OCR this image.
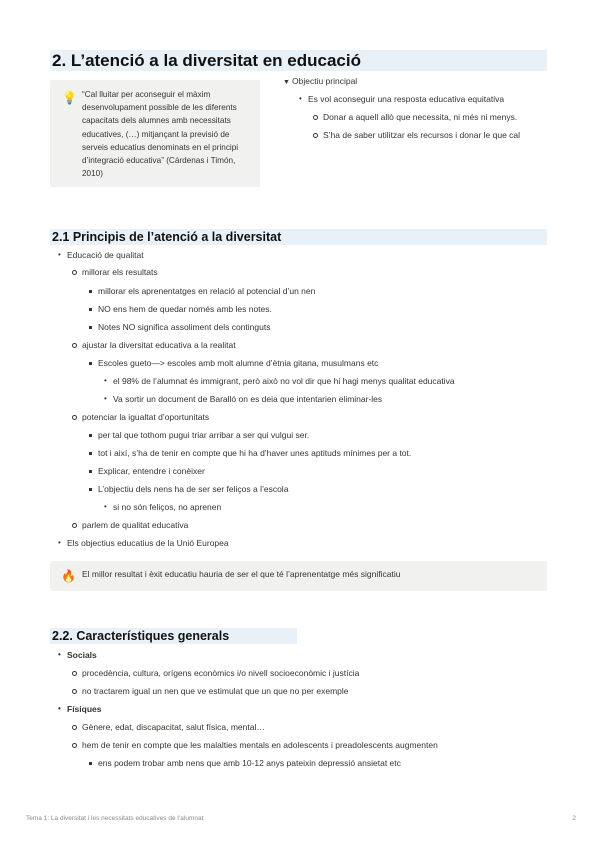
2. L’atenció a la diversitat en educació
💡 “Cal lluitar per aconseguir el màxim desenvolupament possible de les diferents capacitats dels alumnes amb necessitats educatives, (…) mitjançant la previsió de serveis educatius denominats en el principi d’integració educativa” (Cárdenas i Timón, 2010)
▼ Objectiu principal
• Es vol aconseguir una resposta educativa equitativa
Donar a aquell allò que necessita, ni més ni menys.
S’ha de saber utilitzar els recursos i donar le que cal
2.1 Principis de l’atenció a la diversitat
• Educació de qualitat
millorar els resultats
millorar els aprenentatges en relació al potencial d’un nen
NO ens hem de quedar només amb les notes.
Notes NO significa assoliment dels continguts
ajustar la diversitat educativa a la realitat
Escoles gueto—> escoles amb molt alumne d’ètnia gitana, musulmans etc
• el 98% de l’alumnat és immigrant, però això no vol dir que hi hagi menys qualitat educativa
• Va sortir un document de Baralló on es deia que intentarien eliminar-les
potenciar la igualtat d’oportunitats
per tal que tothom pugui triar arribar a ser qui vulgui ser.
tot i així, s’ha de tenir en compte que hi ha d’haver unes aptituds mínimes per a tot.
Explicar, entendre i conèixer
L’objectiu dels nens ha de ser ser feliços a l’escola
• si no són feliços, no aprenen
parlem de qualitat educativa
• Els objectius educatius de la Unió Europea
🔥 El millor resultat i èxit educatiu hauria de ser el que té l’aprenentatge més significatiu
2.2. Característiques generals
• Socials
procedència, cultura, orígens econòmics i/o nivell socioeconòmic i justícia
no tractarem igual un nen que ve estimulat que un que no per exemple
• Físiques
Gènere, edat, discapacitat, salut física, mental…
hem de tenir en compte que les malalties mentals en adolescents i preadolescents augmenten
ens podem trobar amb nens que amb 10-12 anys pateixin depressió ansietat etc
Tema 1: La diversitat i les necessitats educatives de l’alumnat	2
